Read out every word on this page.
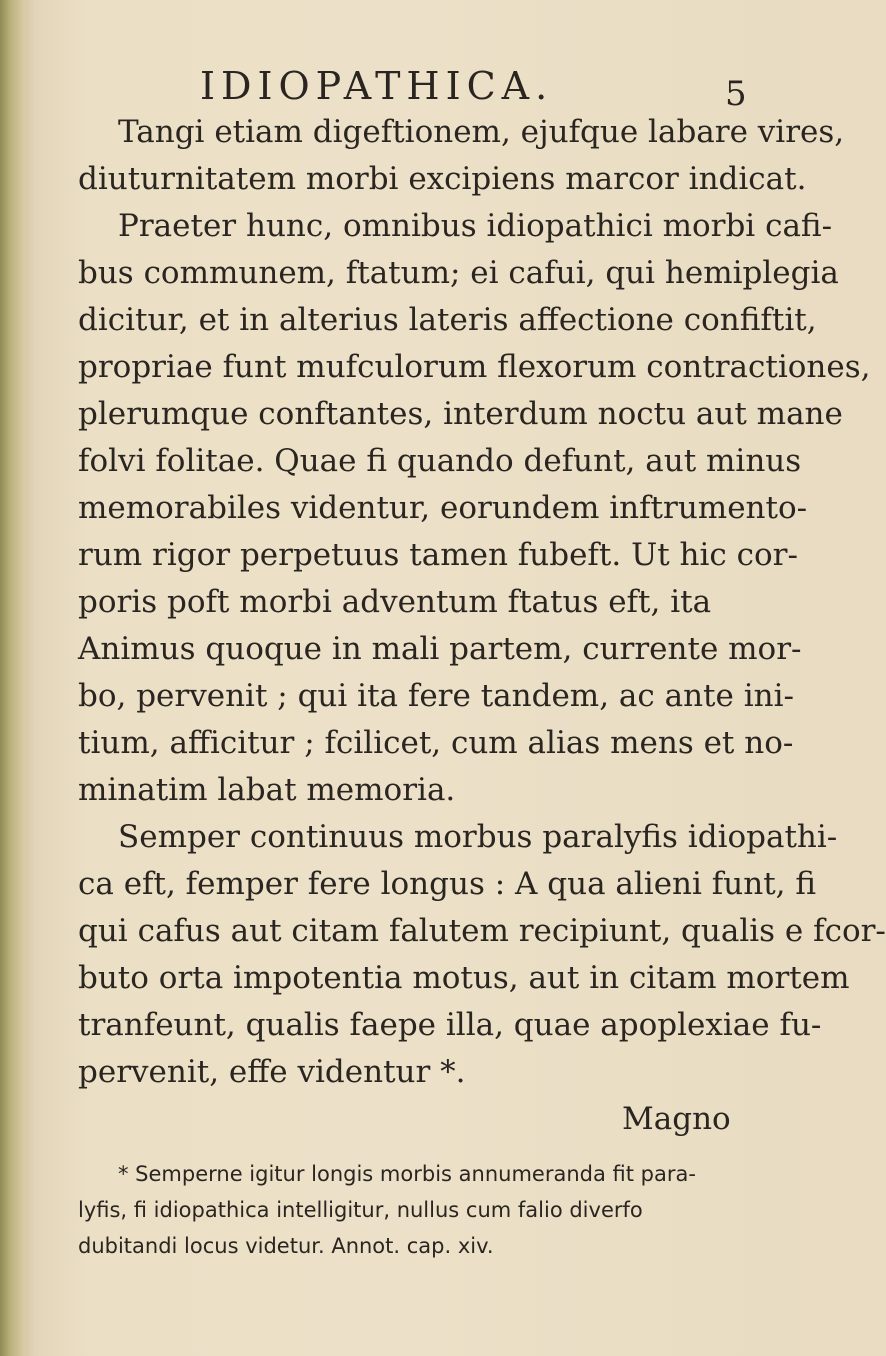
IDIOPATHICA.	5
Tangi etiam digeftionem, ejufque labare vires,
diuturnitatem morbi excipiens marcor indicat.
Praeter hunc, omnibus idiopathici morbi cafi-
bus communem, ftatum; ei cafui, qui hemiplegia
dicitur, et in alterius lateris affectione confiftit,
propriae funt mufculorum flexorum contractiones,
plerumque conftantes, interdum noctu aut mane
folvi folitae. Quae fi quando defunt, aut minus
memorabiles videntur, eorundem inftrumento-
rum rigor perpetuus tamen fubeft. Ut hic cor-
poris poft morbi adventum ftatus eft, ita
Animus quoque in mali partem, currente mor-
bo, pervenit ; qui ita fere tandem, ac ante ini-
tium, afficitur ; fcilicet, cum alias mens et no-
minatim labat memoria.
Semper continuus morbus paralyfis idiopathi-
ca eft, femper fere longus : A qua alieni funt, fi
qui cafus aut citam falutem recipiunt, qualis e fcor-
buto orta impotentia motus, aut in citam mortem
tranfeunt, qualis faepe illa, quae apoplexiae fu-
pervenit, effe videntur *.
Magno
* Semperne igitur longis morbis annumeranda fit para-
lyfis, fi idiopathica intelligitur, nullus cum falio diverfo
dubitandi locus videtur. Annot. cap. xiv.
